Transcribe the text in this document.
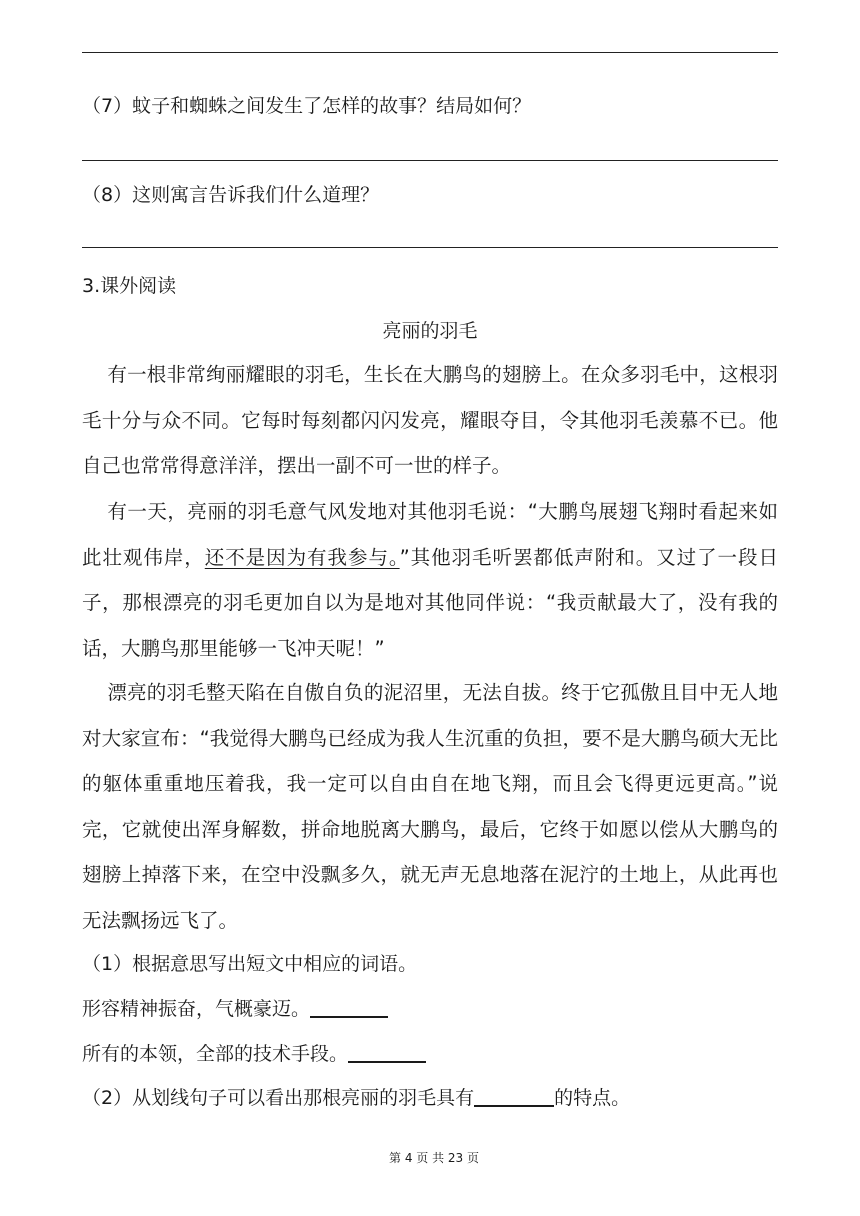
（7）蚊子和蜘蛛之间发生了怎样的故事？结局如何？
（8）这则寓言告诉我们什么道理？
3.课外阅读
亮丽的羽毛
有一根非常绚丽耀眼的羽毛，生长在大鹏鸟的翅膀上。在众多羽毛中，这根羽毛十分与众不同。它每时每刻都闪闪发亮，耀眼夺目，令其他羽毛羡慕不已。他自己也常常得意洋洋，摆出一副不可一世的样子。
有一天，亮丽的羽毛意气风发地对其他羽毛说：“大鹏鸟展翅飞翔时看起来如此壮观伟岸，还不是因为有我参与。”其他羽毛听罢都低声附和。又过了一段日子，那根漂亮的羽毛更加自以为是地对其他同伴说：“我贡献最大了，没有我的话，大鹏鸟那里能够一飞冲天呢！”
漂亮的羽毛整天陷在自傲自负的泥沼里，无法自拔。终于它孤傲且目中无人地对大家宣布：“我觉得大鹏鸟已经成为我人生沉重的负担，要不是大鹏鸟硕大无比的躯体重重地压着我，我一定可以自由自在地飞翔，而且会飞得更远更高。”说完，它就使出浑身解数，拼命地脱离大鹏鸟，最后，它终于如愿以偿从大鹏鸟的翅膀上掉落下来，在空中没飘多久，就无声无息地落在泥泞的土地上，从此再也无法飘扬远飞了。
（1）根据意思写出短文中相应的词语。
形容精神振奋，气概豪迈。
所有的本领，全部的技术手段。
（2）从划线句子可以看出那根亮丽的羽毛具有	的特点。
第 4 页 共 23 页
